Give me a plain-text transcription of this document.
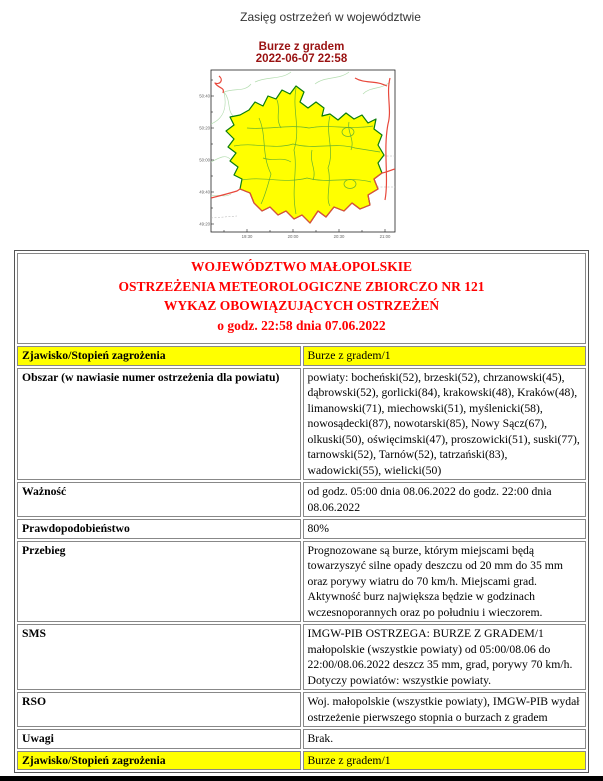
Zasięg ostrzeżeń w województwie
Burze z gradem
2022-06-07 22:58
50:40
50:20
50:00
49:40
49:20
19:30	20:00	20:30	21:00
WOJEWÓDZTWO MAŁOPOLSKIE
OSTRZEŻENIA METEOROLOGICZNE ZBIORCZO NR 121
WYKAZ OBOWIĄZUJĄCYCH OSTRZEŻEŃ
o godz. 22:58 dnia 07.06.2022	

Zjawisko/Stopień zagrożenia	Burze z gradem/1
Obszar (w nawiasie numer ostrzeżenia dla powiatu)	powiaty: bocheński(52), brzeski(52), chrzanowski(45), dąbrowski(52), gorlicki(84), krakowski(48), Kraków(48), limanowski(71), miechowski(51), myślenicki(58), nowosądecki(87), nowotarski(85), Nowy Sącz(67), olkuski(50), oświęcimski(47), proszowicki(51), suski(77), tarnowski(52), Tarnów(52), tatrzański(83), wadowicki(55), wielicki(50)
Ważność	od godz. 05:00 dnia 08.06.2022 do godz. 22:00 dnia 08.06.2022
Prawdopodobieństwo	80%
Przebieg	Prognozowane są burze, którym miejscami będą towarzyszyć silne opady deszczu od 20 mm do 35 mm oraz porywy wiatru do 70 km/h. Miejscami grad. Aktywność burz największa będzie w godzinach wczesnoporannych oraz po południu i wieczorem.
SMS	IMGW-PIB OSTRZEGA: BURZE Z GRADEM/1 małopolskie (wszystkie powiaty) od 05:00/08.06 do 22:00/08.06.2022 deszcz 35 mm, grad, porywy 70 km/h. Dotyczy powiatów: wszystkie powiaty.
RSO	Woj. małopolskie (wszystkie powiaty), IMGW-PIB wydał ostrzeżenie pierwszego stopnia o burzach z gradem
Uwagi	Brak.
Zjawisko/Stopień zagrożenia	Burze z gradem/1
